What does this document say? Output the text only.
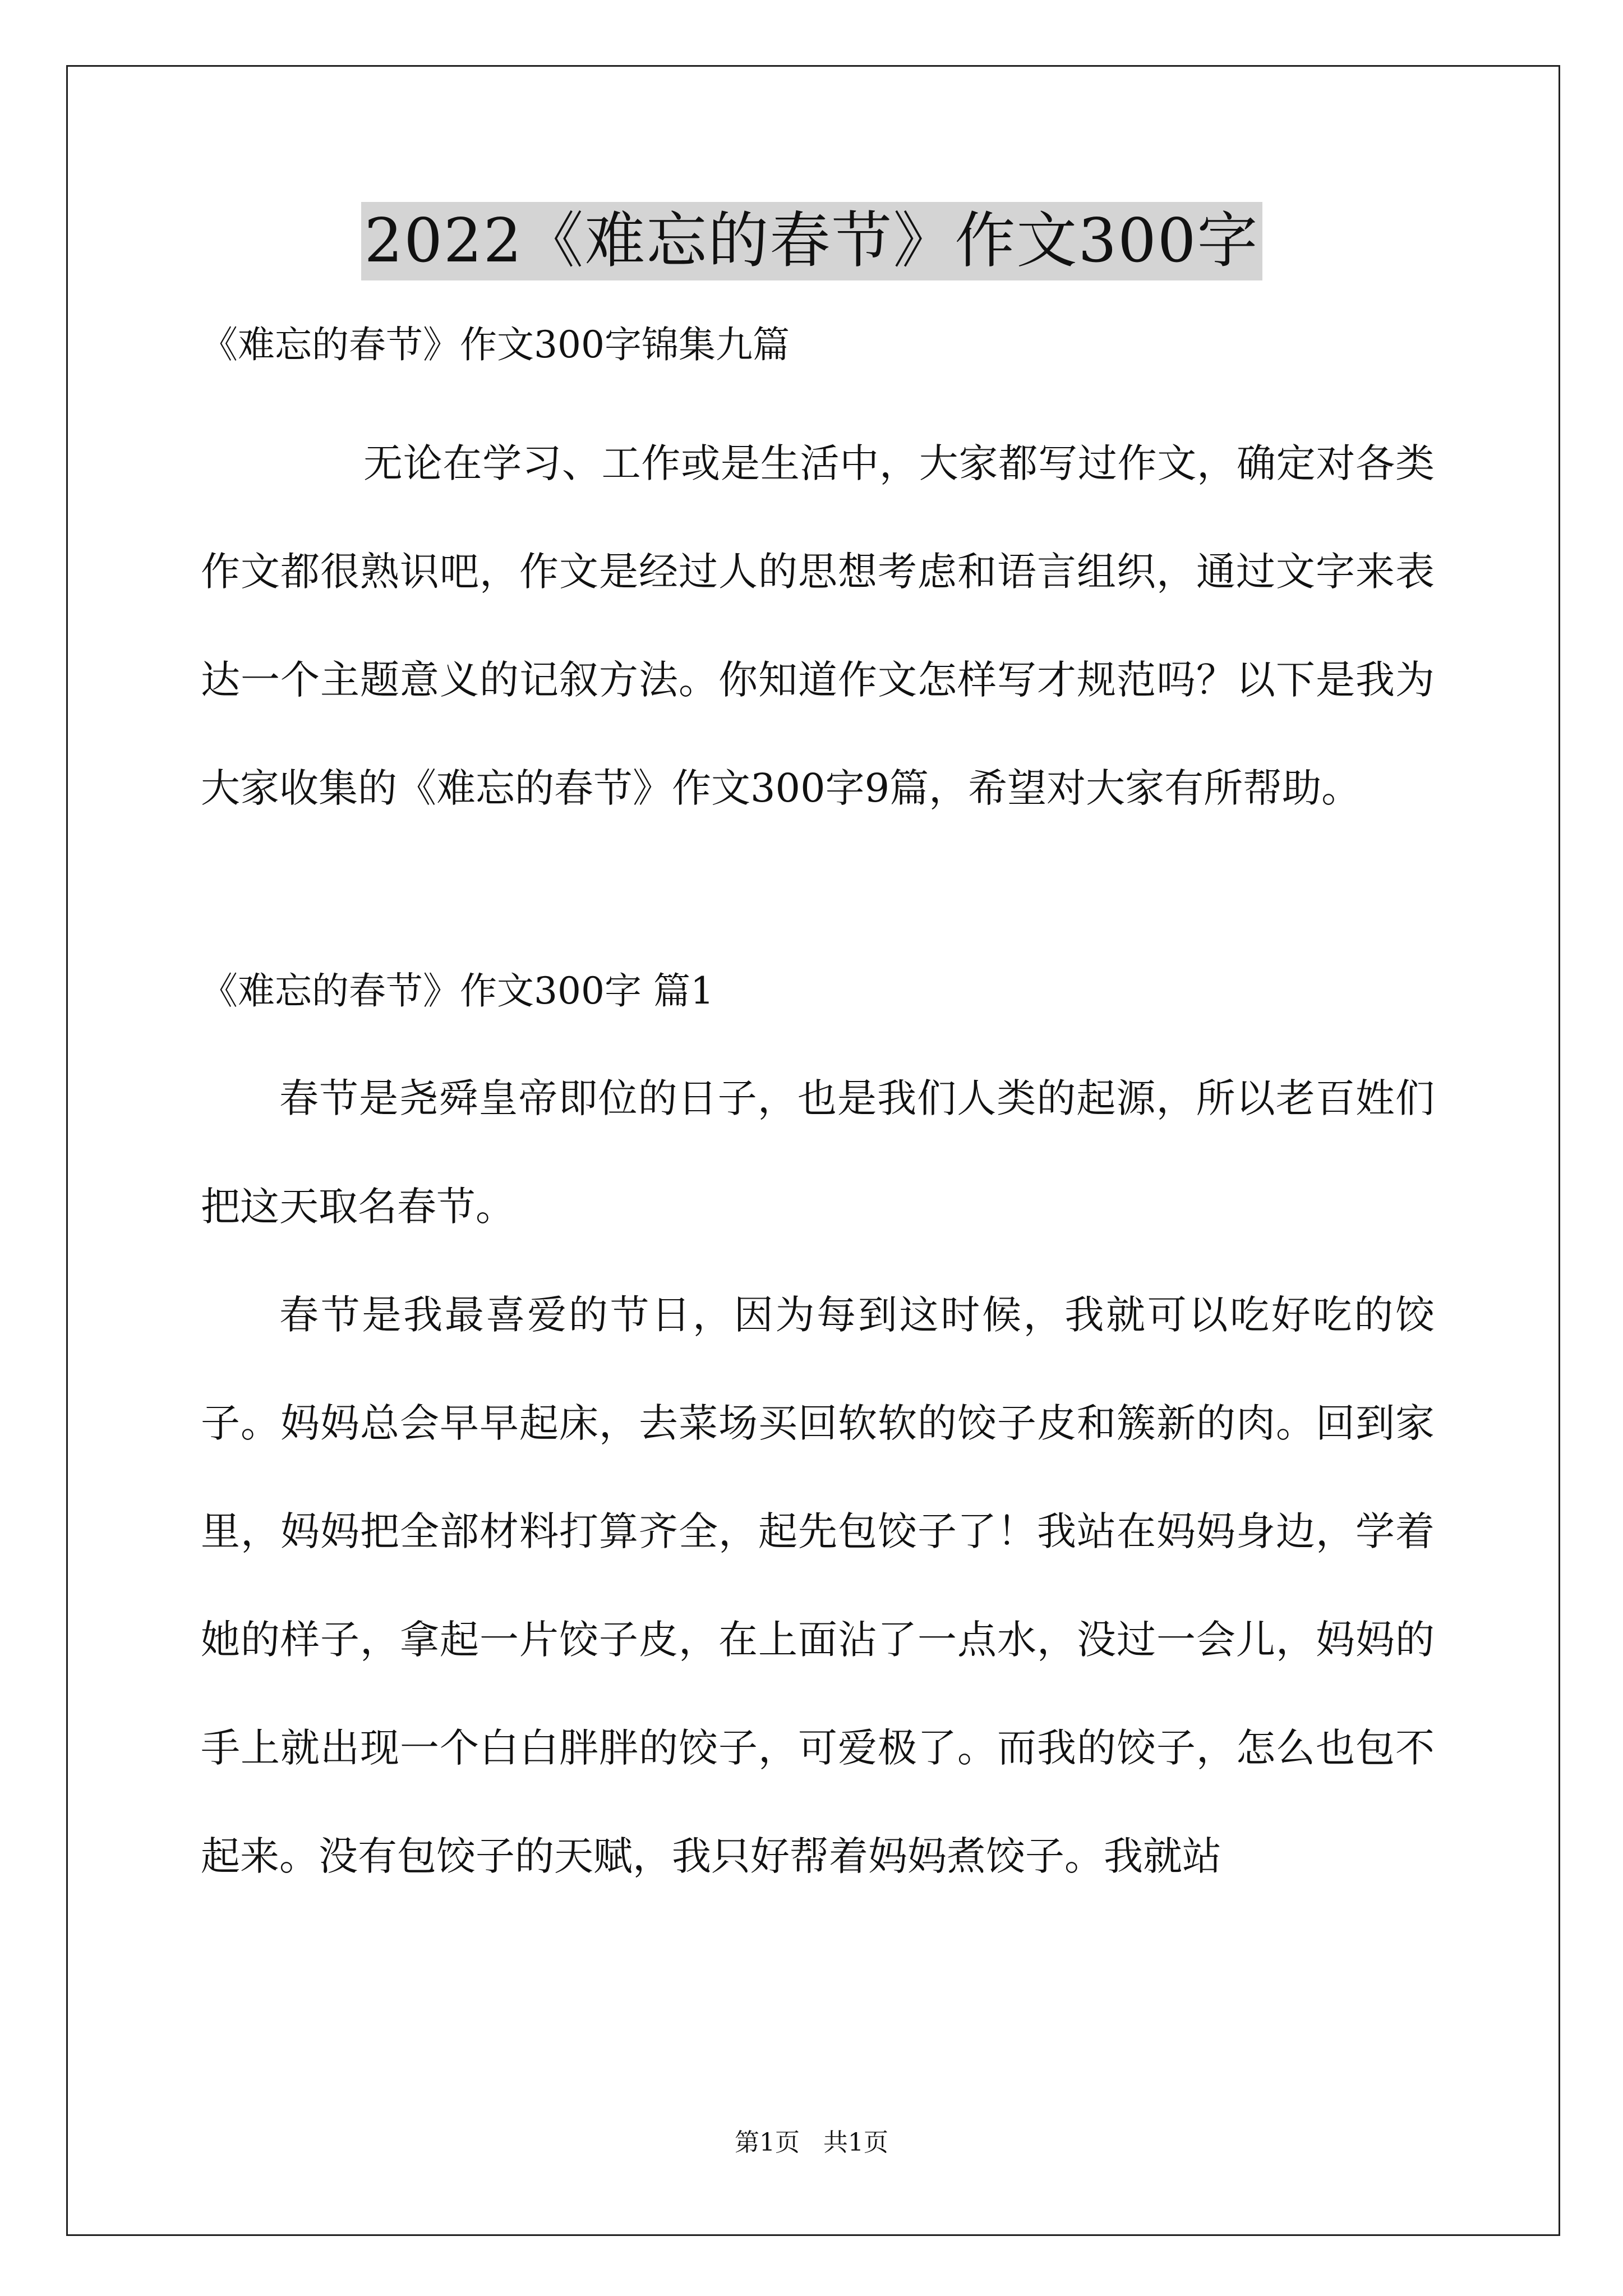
2022《难忘的春节》作文300字

《难忘的春节》作文300字锦集九篇

无论在学习、工作或是生活中，大家都写过作文，确定对各类作文都很熟识吧，作文是经过人的思想考虑和语言组织，通过文字来表达一个主题意义的记叙方法。你知道作文怎样写才规范吗？以下是我为大家收集的《难忘的春节》作文300字9篇，希望对大家有所帮助。

《难忘的春节》作文300字 篇1

春节是尧舜皇帝即位的日子，也是我们人类的起源，所以老百姓们把这天取名春节。

春节是我最喜爱的节日，因为每到这时候，我就可以吃好吃的饺子。妈妈总会早早起床，去菜场买回软软的饺子皮和簇新的肉。回到家里，妈妈把全部材料打算齐全，起先包饺子了！我站在妈妈身边，学着她的样子，拿起一片饺子皮，在上面沾了一点水，没过一会儿，妈妈的手上就出现一个白白胖胖的饺子，可爱极了。而我的饺子，怎么也包不起来。没有包饺子的天赋，我只好帮着妈妈煮饺子。我就站

第1页   共1页
